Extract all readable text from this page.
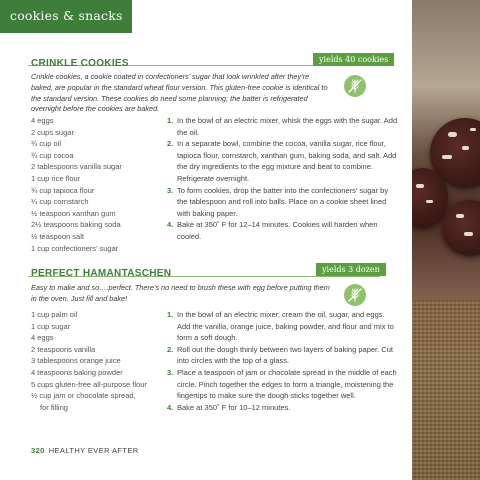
cookies & snacks
yields 40 cookies
CRINKLE COOKIES
Crinkle cookies, a cookie coated in confectioners’ sugar that look wrinkled after they’re baked, are popular in the standard wheat flour version. This gluten-free cookie is identical to the standard version. These cookies do need some planning; the batter is refrigerated overnight before the cookies are baked.
4 eggs
2 cups sugar
¾ cup oil
¾ cup cocoa
2 tablespoons vanilla sugar
1 cup rice flour
¾ cup tapioca flour
¼ cup cornstarch
½ teaspoon xanthan gum
2½ teaspoons baking soda
½ teaspoon salt
1 cup confectioners’ sugar
1. In the bowl of an electric mixer, whisk the eggs with the sugar. Add the oil.
2. In a separate bowl, combine the cocoa, vanilla sugar, rice flour, tapioca flour, cornstarch, xanthan gum, baking soda, and salt. Add the dry ingredients to the egg mixture and beat to combine. Refrigerate overnight.
3. To form cookies, drop the batter into the confectioners’ sugar by the tablespoon and roll into balls. Place on a cookie sheet lined with baking paper.
4. Bake at 350˚ F for 12–14 minutes. Cookies will harden when cooled.
yields 3 dozen
PERFECT HAMANTASCHEN
Easy to make and so….perfect. There’s no need to brush these with egg before putting them in the oven. Just fill and bake!
1 cup palm oil
1 cup sugar
4 eggs
2 teaspoons vanilla
3 tablespoons orange juice
4 teaspoons baking powder
5 cups gluten-free all-purpose flour
½ cup jam or chocolate spread,
for filling
1. In the bowl of an electric mixer, cream the oil, sugar, and eggs. Add the vanilla, orange juice, baking powder, and flour and mix to form a soft dough.
2. Roll out the dough thinly between two layers of baking paper. Cut into circles with the top of a glass.
3. Place a teaspoon of jam or chocolate spread in the middle of each circle. Pinch together the edges to form a triangle, moistening the fingertips to make sure the dough sticks together well.
4. Bake at 350˚ F for 10–12 minutes.
320 HEALTHY EVER AFTER
